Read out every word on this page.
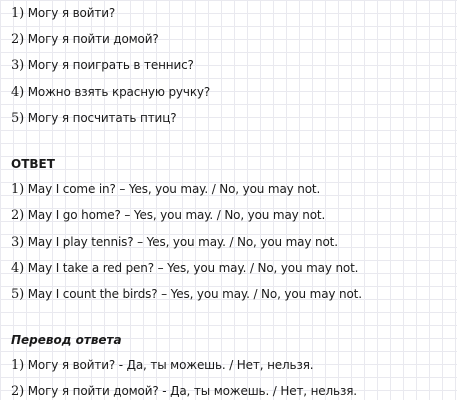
1) Могу я войти?
2) Могу я пойти домой?
3) Могу я поиграть в теннис?
4) Можно взять красную ручку?
5) Могу я посчитать птиц?
ОТВЕТ
1) May I come in? – Yes, you may. / No, you may not.
2) May I go home? – Yes, you may. / No, you may not.
3) May I play tennis? – Yes, you may. / No, you may not.
4) May I take a red pen? – Yes, you may. / No, you may not.
5) May I count the birds? – Yes, you may. / No, you may not.
Перевод ответа
1) Могу я войти? - Да, ты можешь. / Нет, нельзя.
2) Могу я пойти домой? - Да, ты можешь. / Нет, нельзя.
